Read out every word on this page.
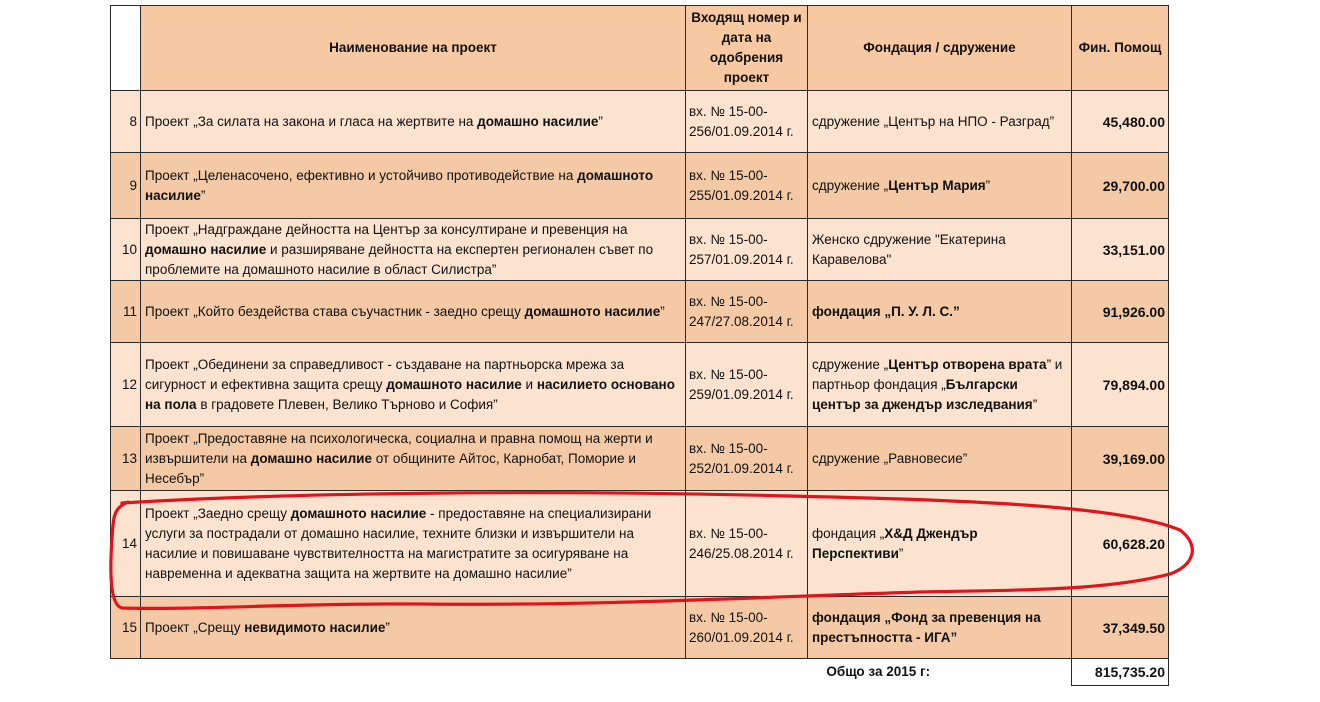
	Наименование на проект	Входящ номер и дата на одобрения проект	Фондация / сдружение	Фин. Помощ
8	Проект „За силата на закона и гласа на жертвите на домашно насилие”	вх. № 15-00-256/01.09.2014 г.	сдружение „Център на НПО - Разград”	45,480.00
9	Проект „Целенасочено, ефективно и устойчиво противодействие на домашното насилие”	вх. № 15-00-255/01.09.2014 г.	сдружение „Център Мария”	29,700.00
10	Проект „Надграждане дейността на Център за консултиране и превенция на домашно насилие и разширяване дейността на експертен регионален съвет по проблемите на домашното насилие в област Силистра”	вх. № 15-00-257/01.09.2014 г.	Женско сдружение "Екатерина Каравелова"	33,151.00
11	Проект „Който бездейства става съучастник - заедно срещу домашното насилие”	вх. № 15-00-247/27.08.2014 г.	фондация „П. У. Л. С.”	91,926.00
12	Проект „Обединени за справедливост - създаване на партньорска мрежа за сигурност и ефективна защита срещу домашното насилие и насилието основано на пола в градовете Плевен, Велико Търново и София”	вх. № 15-00-259/01.09.2014 г.	сдружение „Център отворена врата” и партньор фондация „Български център за джендър изследвания”	79,894.00
13	Проект „Предоставяне на психологическа, социална и правна помощ на жерти и извършители на домашно насилие от общините Айтос, Карнобат, Поморие и Несебър”	вх. № 15-00-252/01.09.2014 г.	сдружение „Равновесие”	39,169.00
14	Проект „Заедно срещу домашното насилие - предоставяне на специализирани услуги за пострадали от домашно насилие, техните близки и извършители на насилие и повишаване чувствителността на магистратите за осигуряване на навременна и адекватна защита на жертвите на домашно насилие”	вх. № 15-00-246/25.08.2014 г.	фондация „Х&Д Джендър Перспективи”	60,628.20
15	Проект „Срещу невидимото насилие”	вх. № 15-00-260/01.09.2014 г.	фондация „Фонд за превенция на престъпността - ИГА”	37,349.50
		Общо за 2015 г:		815,735.20
